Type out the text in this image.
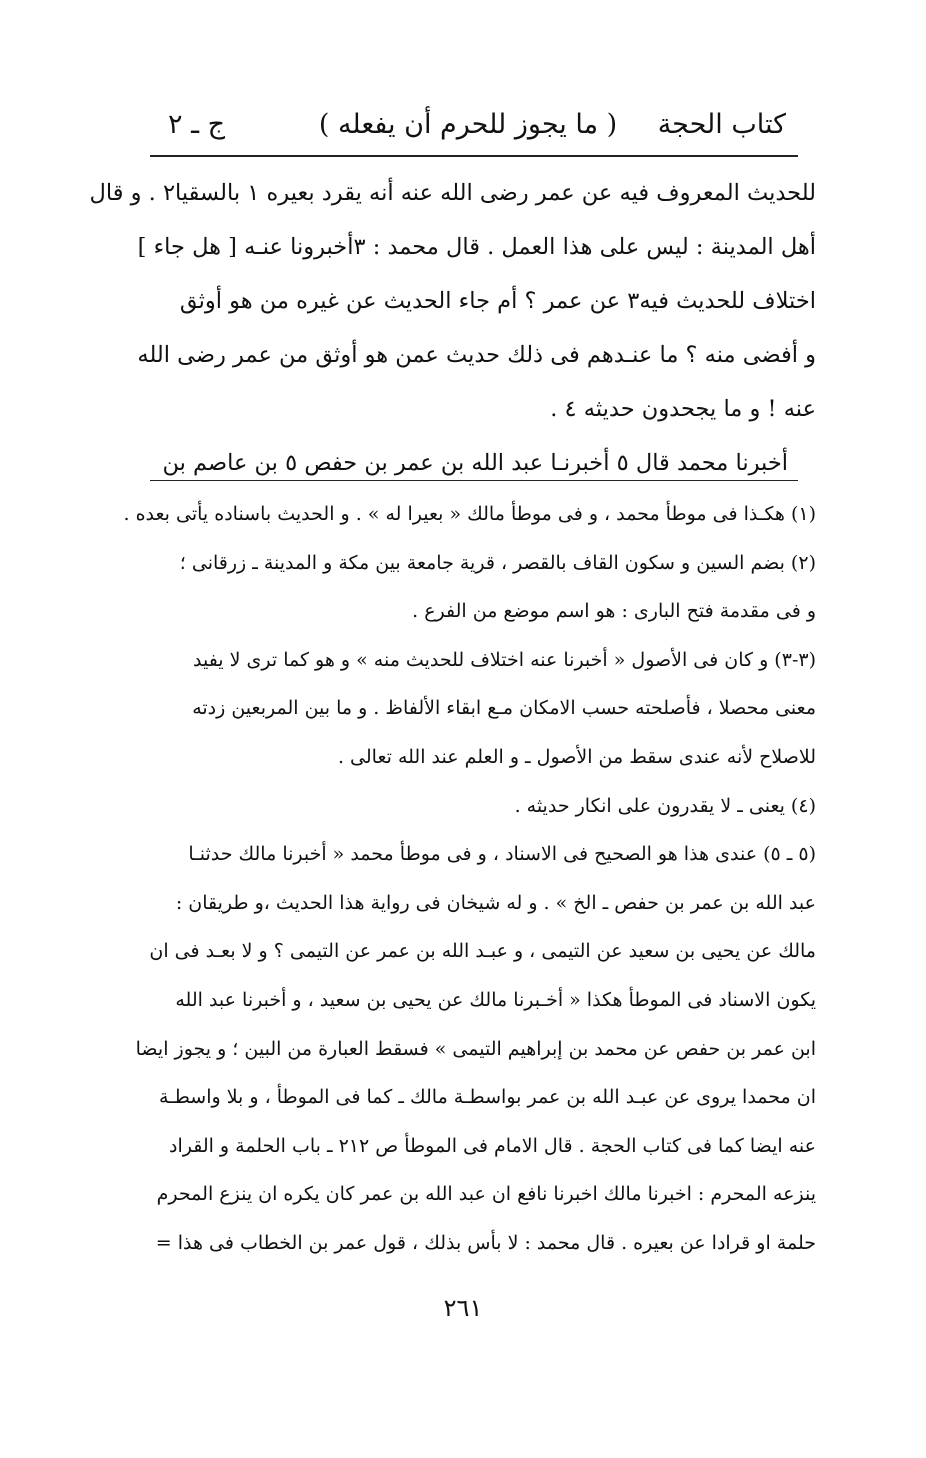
كتاب الحجة
( ما يجوز للحرم أن يفعله )
ج ـ ٢
للحديث المعروف فيه عن عمر رضى الله عنه أنه يقرد بعيره ١ بالسقيا٢ . و قال
أهل المدينة : ليس على هذا العمل . قال محمد : ٣أخبرونا عنـه [ هل جاء ]
اختلاف للحديث فيه٣ عن عمر ؟ أم جاء الحديث عن غيره من هو أوثق
و أفضى منه ؟ ما عنـدهم فى ذلك حديث عمن هو أوثق من عمر رضى الله
عنه ! و ما يجحدون حديثه ٤ .
أخبرنا محمد قال ٥ أخبرنـا عبد الله بن عمر بن حفص ٥ بن عاصم بن
(١) هكـذا فى موطأ محمد ، و فى موطأ مالك « بعيرا له » . و الحديث باسناده يأتى بعده .
(٢) بضم السين و سكون القاف بالقصر ، قرية جامعة بين مكة و المدينة ـ زرقانى ؛
و فى مقدمة فتح البارى : هو اسم موضع من الفرع .
(٣-٣) و كان فى الأصول « أخبرنا عنه اختلاف للحديث منه » و هو كما ترى لا يفيد
معنى محصلا ، فأصلحته حسب الامكان مـع ابقاء الألفاظ . و ما بين المربعين زدته
للاصلاح لأنه عندى سقط من الأصول ـ و العلم عند الله تعالى .
(٤) يعنى ـ لا يقدرون على انكار حديثه .
(٥ ـ ٥) عندى هذا هو الصحيح فى الاسناد ، و فى موطأ محمد « أخبرنا مالك حدثنـا
عبد الله بن عمر بن حفص ـ الخ » . و له شيخان فى رواية هذا الحديث ،و طريقان :
مالك عن يحيى بن سعيد عن التيمى ، و عبـد الله بن عمر عن التيمى ؟ و لا بعـد فى ان
يكون الاسناد فى الموطأ هكذا « أخـبرنا مالك عن يحيى بن سعيد ، و أخبرنا عبد الله
ابن عمر بن حفص عن محمد بن إبراهيم التيمى » فسقط العبارة من البين ؛ و يجوز ايضا
ان محمدا يروى عن عبـد الله بن عمر بواسطـة مالك ـ كما فى الموطأ ، و بلا واسطـة
عنه ايضا كما فى كتاب الحجة . قال الامام فى الموطأ ص ٢١٢ ـ باب الحلمة و القراد
ينزعه المحرم : اخبرنا مالك اخبرنا نافع ان عبد الله بن عمر كان يكره ان ينزع المحرم
حلمة او قرادا عن بعيره . قال محمد : لا بأس بذلك ، قول عمر بن الخطاب فى هذا =
٢٦١
